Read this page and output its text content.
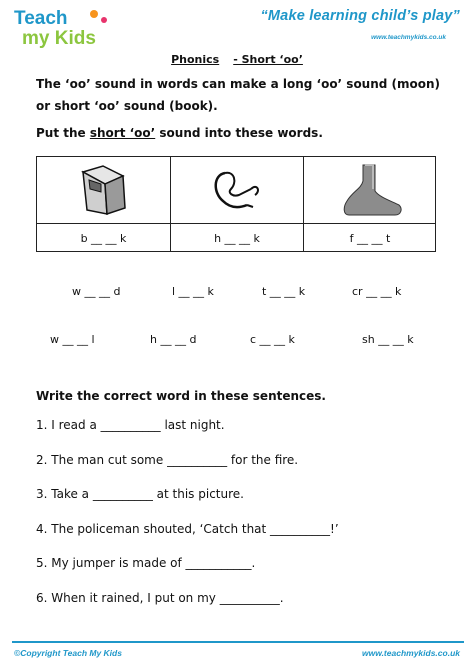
Teach
my Kids
“Make learning child’s play”
www.teachmykids.co.uk
Phonics - Short ‘oo’
The ‘oo’ sound in words can make a long ‘oo’ sound (moon) or short ‘oo’ sound (book).
Put the short ‘oo’ sound into these words.
b __ __ k	h __ __ k	f __ __ t
w __ __ d	l __ __ k	t __ __ k	cr __ __ k
w __ __ l	h __ __ d	c __ __ k	sh __ __ k
Write the correct word in these sentences.
1. I read a __________ last night.
2. The man cut some __________ for the fire.
3. Take a __________ at this picture.
4. The policeman shouted, ‘Catch that __________!’
5. My jumper is made of ___________.
6. When it rained, I put on my __________.
©Copyright Teach My Kids	www.teachmykids.co.uk
